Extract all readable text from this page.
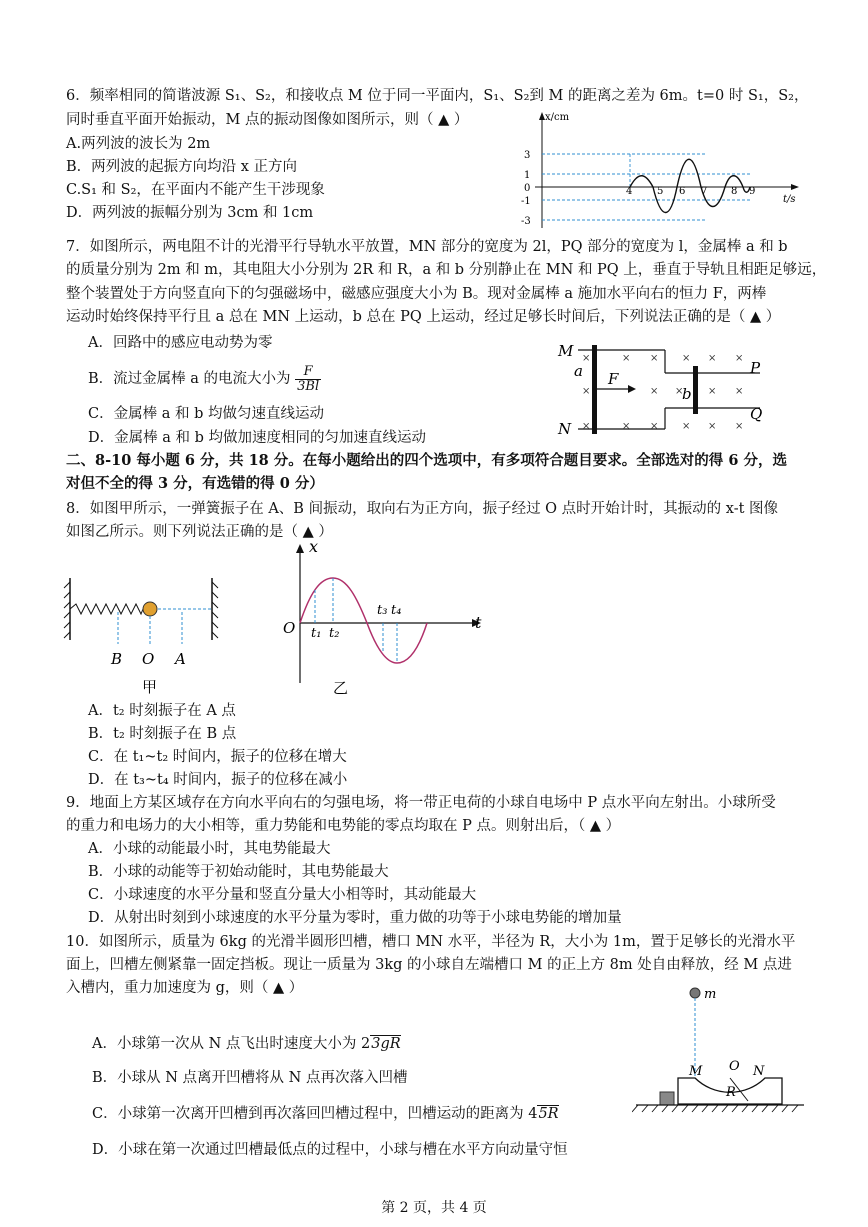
6．频率相同的简谐波源 S₁、S₂，和接收点 M 位于同一平面内，S₁、S₂到 M 的距离之差为 6m。t=0 时 S₁，S₂，
同时垂直平面开始振动，M 点的振动图像如图所示，则（ ▲ ）
A.两列波的波长为 2m
B．两列波的起振方向均沿 x 正方向
C.S₁ 和 S₂，在平面内不能产生干涉现象
D．两列波的振幅分别为 3cm 和 1cm
x/cm
t/s
3
1
0
-1
-3
4 5 6 7 8 9
7．如图所示，两电阻不计的光滑平行导轨水平放置，MN 部分的宽度为 2l，PQ 部分的宽度为 l，金属棒 a 和 b
的质量分别为 2m 和 m，其电阻大小分别为 2R 和 R，a 和 b 分别静止在 MN 和 PQ 上，垂直于导轨且相距足够远，
整个装置处于方向竖直向下的匀强磁场中，磁感应强度大小为 B。现对金属棒 a 施加水平向右的恒力 F，两棒
运动时始终保持平行且 a 总在 MN 上运动，b 总在 PQ 上运动，经过足够长时间后，下列说法正确的是（ ▲ ）
A．回路中的感应电动势为零
B．流过金属棒 a 的电流大小为 $\frac{F}{3Bl}$
C．金属棒 a 和 b 均做匀速直线运动
D．金属棒 a 和 b 均做加速度相同的匀加速直线运动
×	× × × × ×
×	× × × ×
×	× × × × ×
M
N
P
Q
a
b
F
二、8-10 每小题 6 分，共 18 分。在每小题给出的四个选项中，有多项符合题目要求。全部选对的得 6 分，选
对但不全的得 3 分，有选错的得 0 分）
8．如图甲所示，一弹簧振子在 A、B 间振动，取向右为正方向，振子经过 O 点时开始计时，其振动的 x-t 图像
如图乙所示。则下列说法正确的是（ ▲ ）
B O A
甲
x
t
O t₁ t₂
t₃ t₄
乙
A．t₂ 时刻振子在 A 点
B．t₂ 时刻振子在 B 点
C．在 t₁~t₂ 时间内，振子的位移在增大
D．在 t₃~t₄ 时间内，振子的位移在减小
9．地面上方某区域存在方向水平向右的匀强电场，将一带正电荷的小球自电场中 P 点水平向左射出。小球所受
的重力和电场力的大小相等，重力势能和电势能的零点均取在 P 点。则射出后，（ ▲ ）
A．小球的动能最小时，其电势能最大
B．小球的动能等于初始动能时，其电势能最大
C．小球速度的水平分量和竖直分量大小相等时，其动能最大
D．从射出时刻到小球速度的水平分量为零时，重力做的功等于小球电势能的增加量
10．如图所示，质量为 6kg 的光滑半圆形凹槽，槽口 MN 水平，半径为 R，大小为 1m，置于足够长的光滑水平
面上，凹槽左侧紧靠一固定挡板。现让一质量为 3kg 的小球自左端槽口 M 的正上方 8m 处自由释放，经 M 点进
入槽内，重力加速度为 g，则（ ▲ ）
A．小球第一次从 N 点飞出时速度大小为 23gR
B．小球从 N 点离开凹槽将从 N 点再次落入凹槽
C．小球第一次离开凹槽到再次落回凹槽过程中，凹槽运动的距离为 45R
D．小球在第一次通过凹槽最低点的过程中，小球与槽在水平方向动量守恒
m
M	N
O
R
第 2 页，共 4 页
